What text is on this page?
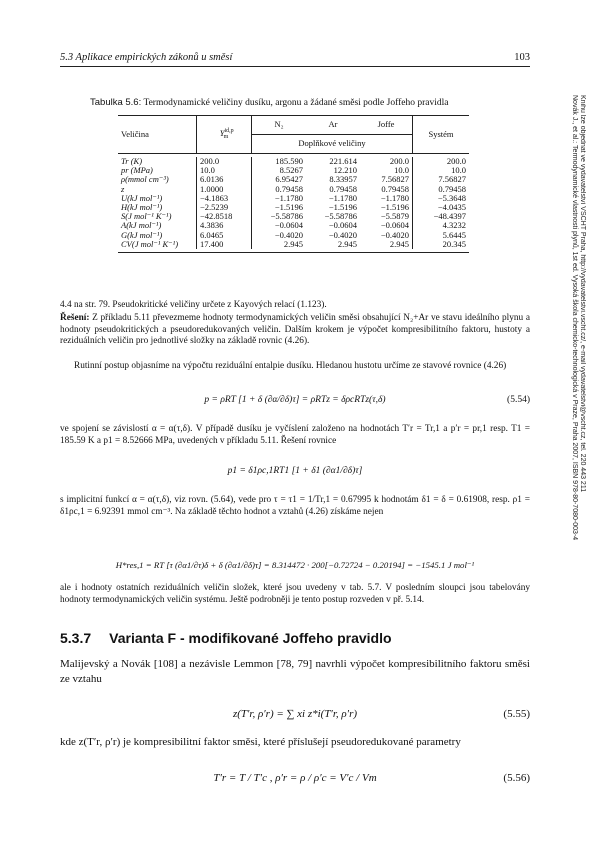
5.3 Aplikace empirických zákonů u směsí	103
Novák J., et al.: Termodynamické vlastnosti plynů, 1st ed. Vysoká škola chemicko-technologická v Praze, Praha 2007, ISBN 978-80-7080-003-4 Knihu lze objednat ve vydavatelství VŠCHT Praha, http://vydavatelstvi.vscht.cz/, e-mail vydavatelstvi@vscht.cz, tel. 220 443 211
Tabulka 5.6: Termodynamické veličiny dusíku, argonu a žádané směsi podle Joffeho pravidla
Veličina	$Y^{id,p}_m$	N₂	Ar	Joffe	Systém
		Doplňkové veličiny			

Tr (K)	200.0	185.590	221.614	200.0	200.0
pr (MPa)	10.0	8.5267	12.210	10.0	10.0
ρ(mmol cm⁻³)	6.0136	6.95427	8.33957	7.56827	7.56827
z	1.0000	0.79458	0.79458	0.79458	0.79458
U(kJ mol⁻¹)	−4.1863	−1.1780	−1.1780	−1.1780	−5.3648
H(kJ mol⁻¹)	−2.5239	−1.5196	−1.5196	−1.5196	−4.0435
S(J mol⁻¹ K⁻¹)	−42.8518	−5.58786	−5.58786	−5.5879	−48.4397
A(kJ mol⁻¹)	4.3836	−0.0604	−0.0604	−0.0604	4.3232
G(kJ mol⁻¹)	6.0465	−0.4020	−0.4020	−0.4020	5.6445
CV(J mol⁻¹ K⁻¹)	17.400	2.945	2.945	2.945	20.345

4.4 na str. 79. Pseudokritické veličiny určete z Kayových relací (1.123).
Řešení: Z příkladu 5.11 převezmeme hodnoty termodynamických veličin směsi obsahující N₂+Ar ve stavu ideálního plynu a hodnoty pseudokritických a pseudoredukovaných veličin. Dalším krokem je výpočet kompresibilitního faktoru, hustoty a reziduálních veličin pro jednotlivé složky na základě rovnic (4.26).
Rutinní postup objasníme na výpočtu reziduální entalpie dusíku. Hledanou hustotu určíme ze stavové rovnice (4.26)
p = ρRT [1 + δ (∂α/∂δ)τ] = ρRTz = δρcRTz(τ,δ)	(5.54)
ve spojení se závislostí α = α(τ,δ). V případě dusíku je vyčíslení založeno na hodnotách T′r = Tr,1 a p′r = pr,1 resp. T1 = 185.59 K a p1 = 8.52666 MPa, uvedených v příkladu 5.11. Řešení rovnice
p1 = δ1ρc,1RT1 [1 + δ1 (∂α1/∂δ)τ]
s implicitní funkcí α = α(τ,δ), viz rovn. (5.64), vede pro τ = τ1 = 1/Tr,1 = 0.67995 k hodnotám δ1 = δ = 0.61908, resp. ρ1 = δ1ρc,1 = 6.92391 mmol cm⁻³. Na základě těchto hodnot a vztahů (4.26) získáme nejen
H*res,1 = RT [τ (∂α1/∂τ)δ + δ (∂α1/∂δ)τ] = 8.314472 · 200[−0.72724 − 0.20194] = −1545.1 J mol⁻¹
ale i hodnoty ostatních reziduálních veličin složek, které jsou uvedeny v tab. 5.7. V posledním sloupci jsou tabelovány hodnoty termodynamických veličin systému. Ještě podrobněji je tento postup rozveden v př. 5.14.
5.3.7 Varianta F - modifikované Joffeho pravidlo
Malijevský a Novák [108] a nezávisle Lemmon [78, 79] navrhli výpočet kompresibilitního faktoru směsi ze vztahu
z(T′r, ρ′r) = ∑ xi z*i(T′r, ρ′r)	(5.55)
kde z(T′r, ρ′r) je kompresibilitní faktor směsi, které příslušejí pseudoredukované parametry
T′r = T / T′c , ρ′r = ρ / ρ′c = V′c / Vm	(5.56)
